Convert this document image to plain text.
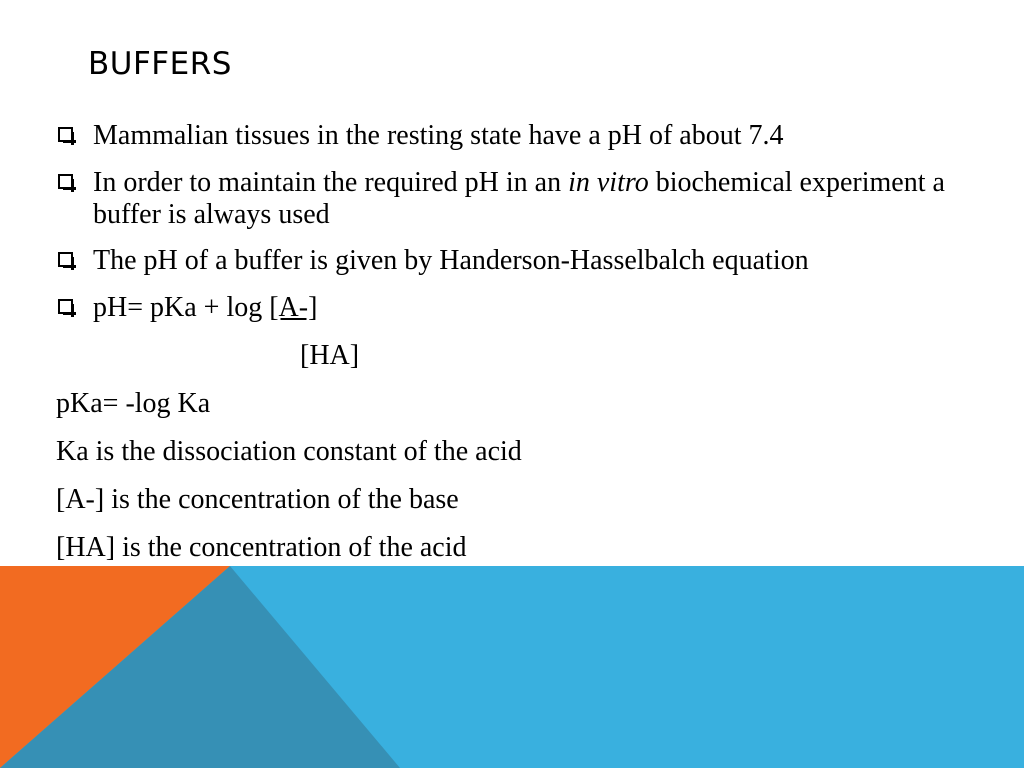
BUFFERS
Mammalian tissues in the resting state have a pH of about 7.4
In order to maintain the required pH in an in vitro biochemical experiment a buffer is always used
The pH of a buffer is given by Handerson-Hasselbalch equation
pH= pKa + log [A-]
[HA]
pKa= -log Ka
Ka is the dissociation constant of the acid
[A-] is the concentration of the base
[HA] is the concentration of the acid
